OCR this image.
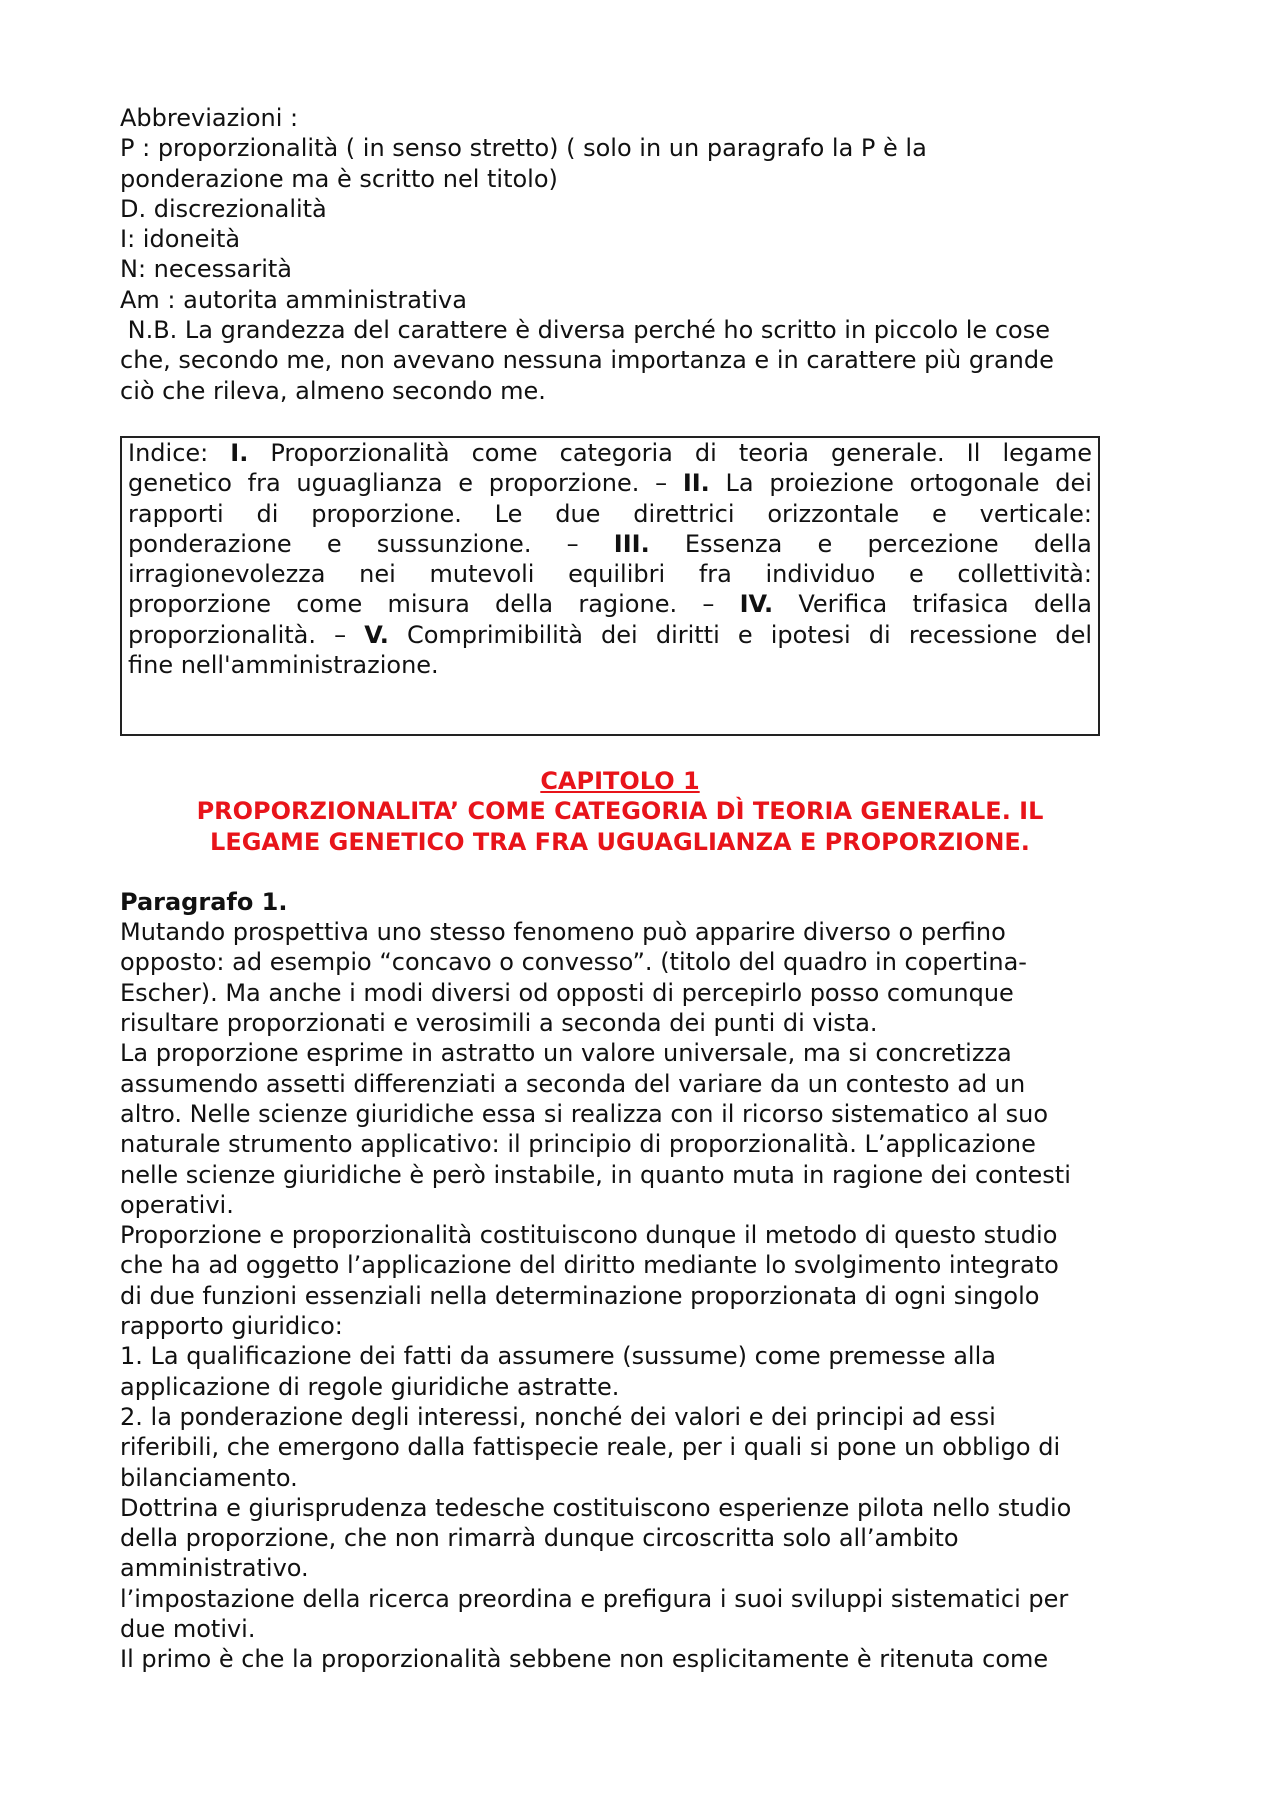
Abbreviazioni :
P : proporzionalità ( in senso stretto) ( solo in un paragrafo la P è la
ponderazione ma è scritto nel titolo)
D. discrezionalità
I: idoneità
N: necessarità
Am : autorita amministrativa
N.B. La grandezza del carattere è diversa perché ho scritto in piccolo le cose
che, secondo me, non avevano nessuna importanza e in carattere più grande
ciò che rileva, almeno secondo me.
Indice: I. Proporzionalità come categoria di teoria generale. Il legame
genetico fra uguaglianza e proporzione. – II. La proiezione ortogonale dei
rapporti di proporzione. Le due direttrici orizzontale e verticale:
ponderazione e sussunzione. – III. Essenza e percezione della
irragionevolezza nei mutevoli equilibri fra individuo e collettività:
proporzione come misura della ragione. – IV. Verifica trifasica della
proporzionalità. – V. Comprimibilità dei diritti e ipotesi di recessione del
fine nell'amministrazione.
CAPITOLO 1
PROPORZIONALITA’ COME CATEGORIA DÌ TEORIA GENERALE. IL
LEGAME GENETICO TRA FRA UGUAGLIANZA E PROPORZIONE.
Paragrafo 1.
Mutando prospettiva uno stesso fenomeno può apparire diverso o perfino
opposto: ad esempio “concavo o convesso”. (titolo del quadro in copertina-
Escher). Ma anche i modi diversi od opposti di percepirlo posso comunque
risultare proporzionati e verosimili a seconda dei punti di vista.
La proporzione esprime in astratto un valore universale, ma si concretizza
assumendo assetti differenziati a seconda del variare da un contesto ad un
altro. Nelle scienze giuridiche essa si realizza con il ricorso sistematico al suo
naturale strumento applicativo: il principio di proporzionalità. L’applicazione
nelle scienze giuridiche è però instabile, in quanto muta in ragione dei contesti
operativi.
Proporzione e proporzionalità costituiscono dunque il metodo di questo studio
che ha ad oggetto l’applicazione del diritto mediante lo svolgimento integrato
di due funzioni essenziali nella determinazione proporzionata di ogni singolo
rapporto giuridico:
1. La qualificazione dei fatti da assumere (sussume) come premesse alla
applicazione di regole giuridiche astratte.
2. la ponderazione degli interessi, nonché dei valori e dei principi ad essi
riferibili, che emergono dalla fattispecie reale, per i quali si pone un obbligo di
bilanciamento.
Dottrina e giurisprudenza tedesche costituiscono esperienze pilota nello studio
della proporzione, che non rimarrà dunque circoscritta solo all’ambito
amministrativo.
l’impostazione della ricerca preordina e prefigura i suoi sviluppi sistematici per
due motivi.
Il primo è che la proporzionalità sebbene non esplicitamente è ritenuta come
